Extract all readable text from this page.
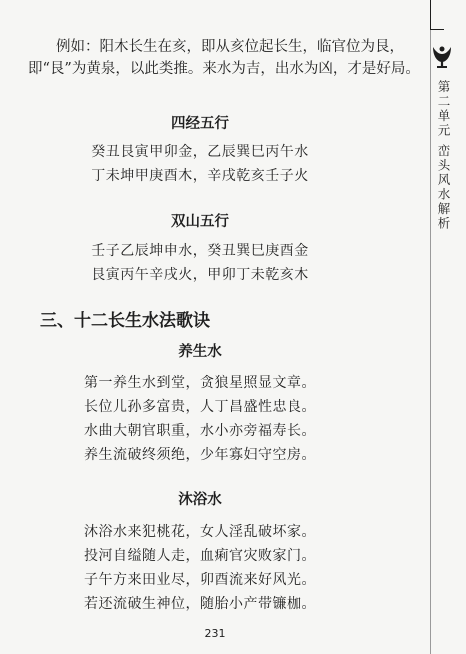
例如：阳木长生在亥，即从亥位起长生，临官位为艮，
即“艮”为黄泉，以此类推。来水为吉，出水为凶，才是好局。

四经五行

癸丑艮寅甲卯金，乙辰巽巳丙午水

丁未坤甲庚酉木，辛戌乾亥壬子火

双山五行

壬子乙辰坤申水，癸丑巽巳庚酉金

艮寅丙午辛戌火，甲卯丁未乾亥木

三、十二长生水法歌诀
养生水

第一养生水到堂，贪狼星照显文章。

长位儿孙多富贵，人丁昌盛性忠良。

水曲大朝官职重，水小亦旁福寿长。

养生流破终须绝，少年寡妇守空房。

沐浴水

沐浴水来犯桃花，女人淫乱破坏家。

投河自缢随人走，血痢官灾败家门。

子午方来田业尽，卯酉流来好风光。

若还流破生神位，随胎小产带镰枷。

231
第二单元 峦头风水解析
